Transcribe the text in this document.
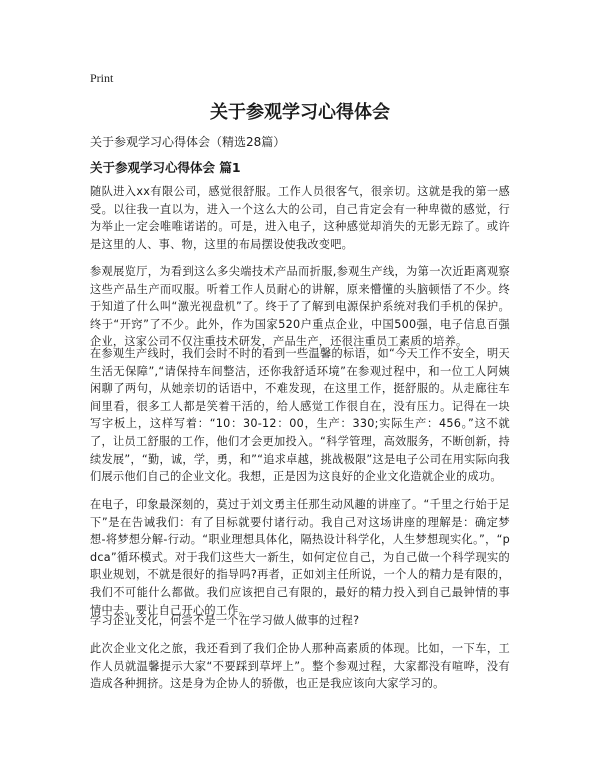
Print
关于参观学习心得体会
关于参观学习心得体会（精选28篇）
关于参观学习心得体会 篇1

随队进入xx有限公司，感觉很舒服。工作人员很客气，很亲切。这就是我的第一感受。以往我一直以为，进入一个这么大的公司，自己肯定会有一种卑微的感觉，行为举止一定会唯唯诺诺的。可是，进入电子，这种感觉却消失的无影无踪了。或许是这里的人、事、物，这里的布局摆设使我改变吧。

参观展览厅，为看到这么多尖端技术产品而折服,参观生产线，为第一次近距离观察这些产品生产而叹服。听着工作人员耐心的讲解，原来懵懂的头脑顿悟了不少。终于知道了什么叫“激光视盘机”了。终于了了解到电源保护系统对我们手机的保护。终于“开窍”了不少。此外，作为国家520户重点企业，中国500强，电子信息百强企业，这家公司不仅注重技术研发，产品生产，还很注重员工素质的培养。

在参观生产线时，我们会时不时的看到一些温馨的标语，如“今天工作不安全，明天生活无保障”,“请保持车间整洁，还你我舒适环境”在参观过程中，和一位工人阿姨闲聊了两句，从她亲切的话语中，不难发现，在这里工作，挺舒服的。从走廊往车间里看，很多工人都是笑着干活的，给人感觉工作很自在，没有压力。记得在一块写字板上，这样写着：“10：30-12：00，生产：330;实际生产：456。”这不就了，让员工舒服的工作，他们才会更加投入。“科学管理，高效服务，不断创新，持续发展”，“勤，诚，学，勇，和”“追求卓越，挑战极限”这是电子公司在用实际向我们展示他们自己的企业文化。我想，正是因为这良好的企业文化造就企业的成功。

在电子，印象最深刻的，莫过于刘文勇主任那生动风趣的讲座了。“千里之行始于足下”是在告诫我们：有了目标就要付诸行动。我自己对这场讲座的理解是：确定梦想-将梦想分解-行动。“职业理想具体化，隔热设计科学化，人生梦想现实化。”，“pdca”循环模式。对于我们这些大一新生，如何定位自己，为自己做一个科学现实的职业规划，不就是很好的指导吗?再者，正如刘主任所说，一个人的精力是有限的，我们不可能什么都做。我们应该把自己有限的，最好的精力投入到自己最钟情的事情中去。要让自己开心的工作。

学习企业文化，何尝不是一个在学习做人做事的过程?

此次企业文化之旅，我还看到了我们企协人那种高素质的体现。比如，一下车，工作人员就温馨提示大家“不要踩到草坪上”。整个参观过程，大家都没有喧哗，没有造成各种拥挤。这是身为企协人的骄傲，也正是我应该向大家学习的。
